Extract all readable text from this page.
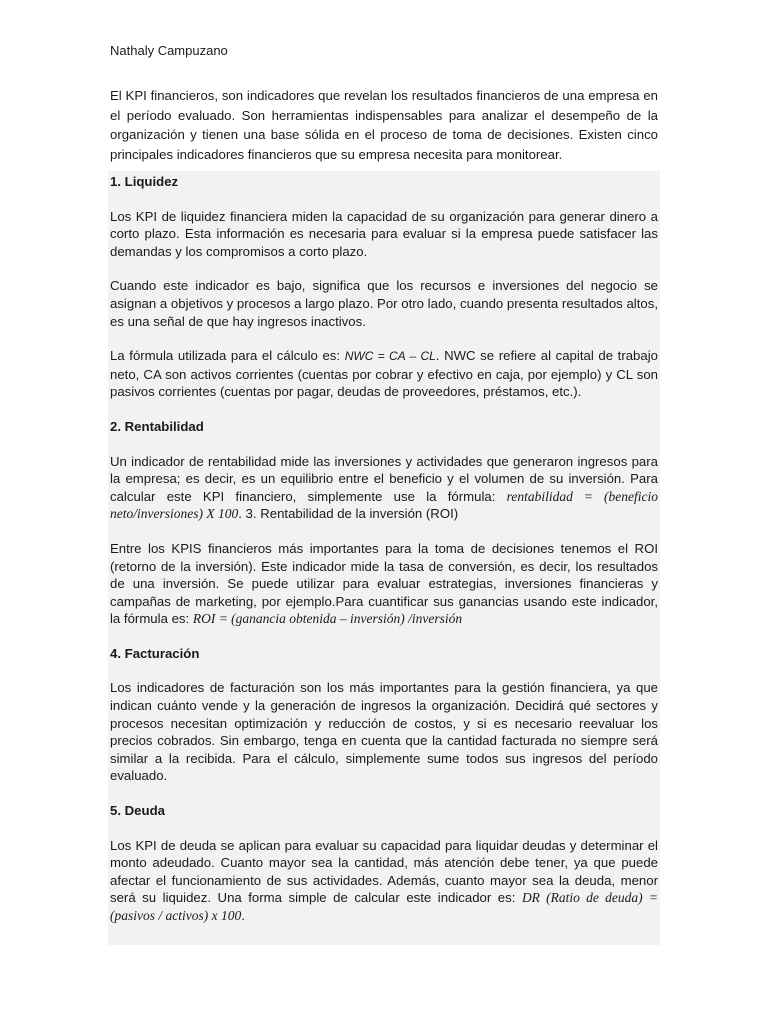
Nathaly Campuzano

El KPI financieros, son indicadores que revelan los resultados financieros de una empresa en el período evaluado. Son herramientas indispensables para analizar el desempeño de la organización y tienen una base sólida en el proceso de toma de decisiones. Existen cinco principales indicadores financieros que su empresa necesita para monitorear.

1. Liquidez

Los KPI de liquidez financiera miden la capacidad de su organización para generar dinero a corto plazo. Esta información es necesaria para evaluar si la empresa puede satisfacer las demandas y los compromisos a corto plazo.

Cuando este indicador es bajo, significa que los recursos e inversiones del negocio se asignan a objetivos y procesos a largo plazo. Por otro lado, cuando presenta resultados altos, es una señal de que hay ingresos inactivos.

La fórmula utilizada para el cálculo es: NWC = CA – CL. NWC se refiere al capital de trabajo neto, CA son activos corrientes (cuentas por cobrar y efectivo en caja, por ejemplo) y CL son pasivos corrientes (cuentas por pagar, deudas de proveedores, préstamos, etc.).

2. Rentabilidad

Un indicador de rentabilidad mide las inversiones y actividades que generaron ingresos para la empresa; es decir, es un equilibrio entre el beneficio y el volumen de su inversión. Para calcular este KPI financiero, simplemente use la fórmula: rentabilidad = (beneficio neto/inversiones) X 100. 3. Rentabilidad de la inversión (ROI)

Entre los KPIS financieros más importantes para la toma de decisiones tenemos el ROI (retorno de la inversión). Este indicador mide la tasa de conversión, es decir, los resultados de una inversión. Se puede utilizar para evaluar estrategias, inversiones financieras y campañas de marketing, por ejemplo.Para cuantificar sus ganancias usando este indicador, la fórmula es: ROI = (ganancia obtenida – inversión) /inversión

4. Facturación

Los indicadores de facturación son los más importantes para la gestión financiera, ya que indican cuánto vende y la generación de ingresos la organización. Decidirá qué sectores y procesos necesitan optimización y reducción de costos, y si es necesario reevaluar los precios cobrados. Sin embargo, tenga en cuenta que la cantidad facturada no siempre será similar a la recibida. Para el cálculo, simplemente sume todos sus ingresos del período evaluado.

5. Deuda

Los KPI de deuda se aplican para evaluar su capacidad para liquidar deudas y determinar el monto adeudado. Cuanto mayor sea la cantidad, más atención debe tener, ya que puede afectar el funcionamiento de sus actividades. Además, cuanto mayor sea la deuda, menor será su liquidez. Una forma simple de calcular este indicador es: DR (Ratio de deuda) = (pasivos / activos) x 100.
